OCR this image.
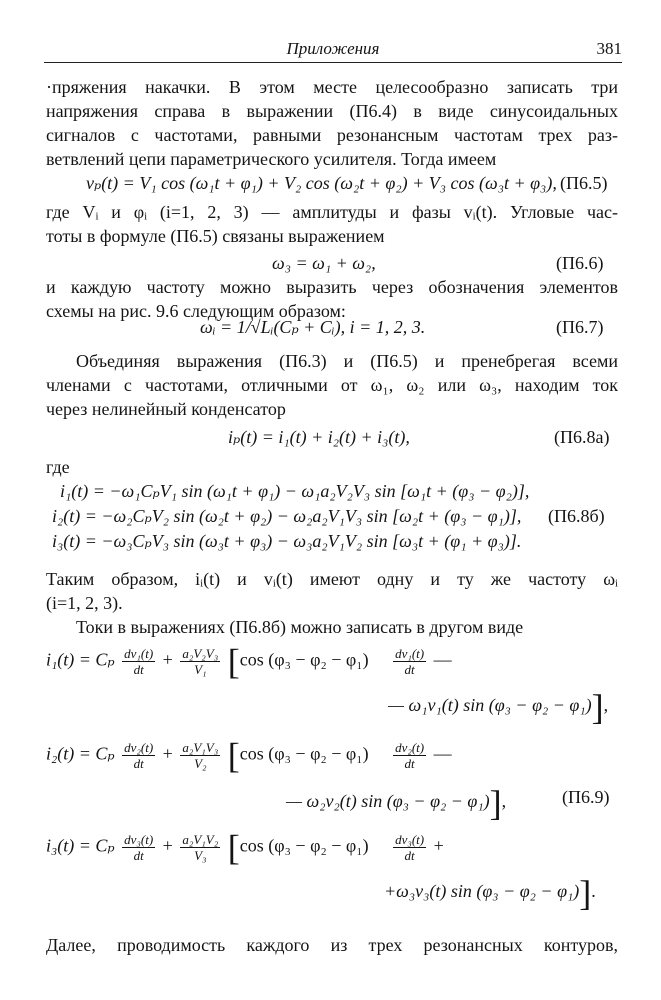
Приложения	381
·пряжения накачки. В этом месте целесообразно записать три
напряжения справа в выражении (П6.4) в виде синусоидальных
сигналов с частотами, равными резонансным частотам трех раз-
ветвлений цепи параметрического усилителя. Тогда имеем
vₚ(t) = V₁ cos (ω₁t + φ₁) + V₂ cos (ω₂t + φ₂) + V₃ cos (ω₃t + φ₃), (П6.5)
где Vᵢ и φᵢ (i=1, 2, 3) — амплитуды и фазы vᵢ(t). Угловые час-
тоты в формуле (П6.5) связаны выражением
ω₃ = ω₁ + ω₂,	(П6.6)
и каждую частоту можно выразить через обозначения элементов
схемы на рис. 9.6 следующим образом:
ωᵢ = 1/√Lᵢ(Cₚ + Cᵢ), i = 1, 2, 3.	(П6.7)
Объединяя выражения (П6.3) и (П6.5) и пренебрегая всеми
членами с частотами, отличными от ω₁, ω₂ или ω₃, находим ток
через нелинейный конденсатор
iₚ(t) = i₁(t) + i₂(t) + i₃(t),	(П6.8а)
где
i₁(t) = −ω₁CₚV₁ sin (ω₁t + φ₁) − ω₁a₂V₂V₃ sin [ω₁t + (φ₃ − φ₂)],
i₂(t) = −ω₂CₚV₂ sin (ω₂t + φ₂) − ω₂a₂V₁V₃ sin [ω₂t + (φ₃ − φ₁)], (П6.8б)
i₃(t) = −ω₃CₚV₃ sin (ω₃t + φ₃) − ω₃a₂V₁V₂ sin [ω₃t + (φ₁ + φ₃)].
Таким образом, iᵢ(t) и vᵢ(t) имеют одну и ту же частоту ωᵢ
(i=1, 2, 3).
Токи в выражениях (П6.8б) можно записать в другом виде
i₁(t) = Cₚ $\frac{\text{dv₁(t)}}{dt} + \frac{\text{a₂V₂V₃}}{\text{V₁}} [\cos$ $(\varphi_3 - \varphi_2 - \varphi_1) \frac{\text{dv₁(t)}}{dt}$ —
— ω₁v₁(t) sin (φ₃ − φ₂ − φ₁)],
i₂(t) = Cₚ $\frac{\text{dv₂(t)}}{dt} + \frac{\text{a₂V₁V₃}}{\text{V₂}} [\cos$ $(\varphi_3 - \varphi_2 - \varphi_1) \frac{\text{dv₂(t)}}{dt}$ —
— ω₂v₂(t) sin (φ₃ − φ₂ − φ₁)],	(П6.9)
i₃(t) = Cₚ $\frac{\text{dv₃(t)}}{dt} + \frac{\text{a₂V₁V₂}}{\text{V₃}} [\cos$ $(\varphi_3 - \varphi_2 - \varphi_1) \frac{\text{dv₃(t)}}{dt}$ +
+ω₃v₃(t) sin (φ₃ − φ₂ − φ₁)].
Далее, проводимость каждого из трех резонансных контуров,
